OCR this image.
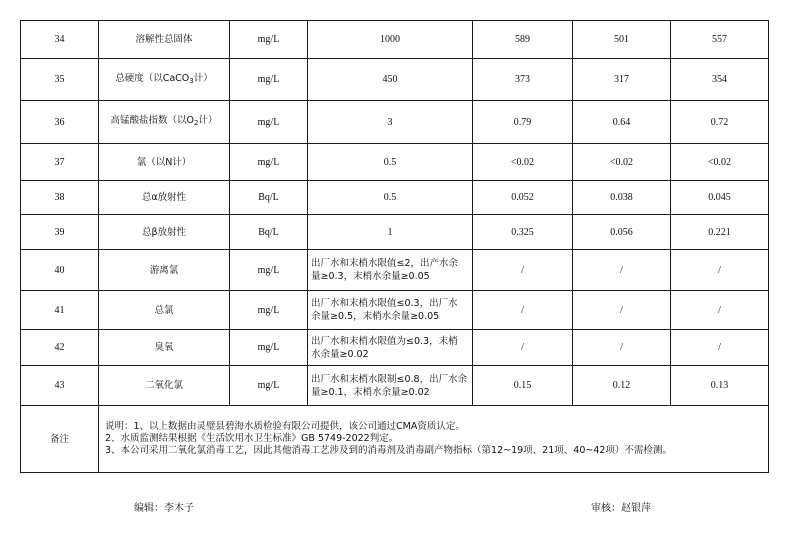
34	溶解性总固体	mg/L	1000	589	501	557
35	总硬度（以CaCO$_3$计）	mg/L	450	373	317	354
36	高锰酸盐指数（以$O_2$计）	mg/L	3	0.79	0.64	0.72
37	氯（以N计）	mg/L	0.5	<0.02	<0.02	<0.02
38	总α放射性	Bq/L	0.5	0.052	0.038	0.045
39	总β放射性	Bq/L	1	0.325	0.056	0.221
40	游离氯	mg/L	出厂水和末梢水限值≤2，出产水余
量≥0.3，末梢水余量≥0.05	/	/	/
41	总氯	mg/L	出厂水和末梢水限值≤0.3，出厂水
余量≥0.5，末梢水余量≥0.05	/	/	/
42	臭氧	mg/L	出厂水和末梢水限值为≤0.3，末梢
水余量≥0.02	/	/	/
43	二氧化氯	mg/L	出厂水和末梢水限制≤0.8，出厂水余
量≥0.1，末梢水余量≥0.02	0.15	0.12	0.13
备注	说明：1、以上数据由灵璧县碧海水质检验有限公司提供，该公司通过CMA资质认定。
2、水质监测结果根据《生活饮用水卫生标准》GB 5749-2022判定。
3、本公司采用二氧化氯消毒工艺，因此其他消毒工艺涉及到的消毒剂及消毒副产物指标（第12~19项、21项、40~42项）不需检测。					
编辑：李木子	审核：赵银萍
